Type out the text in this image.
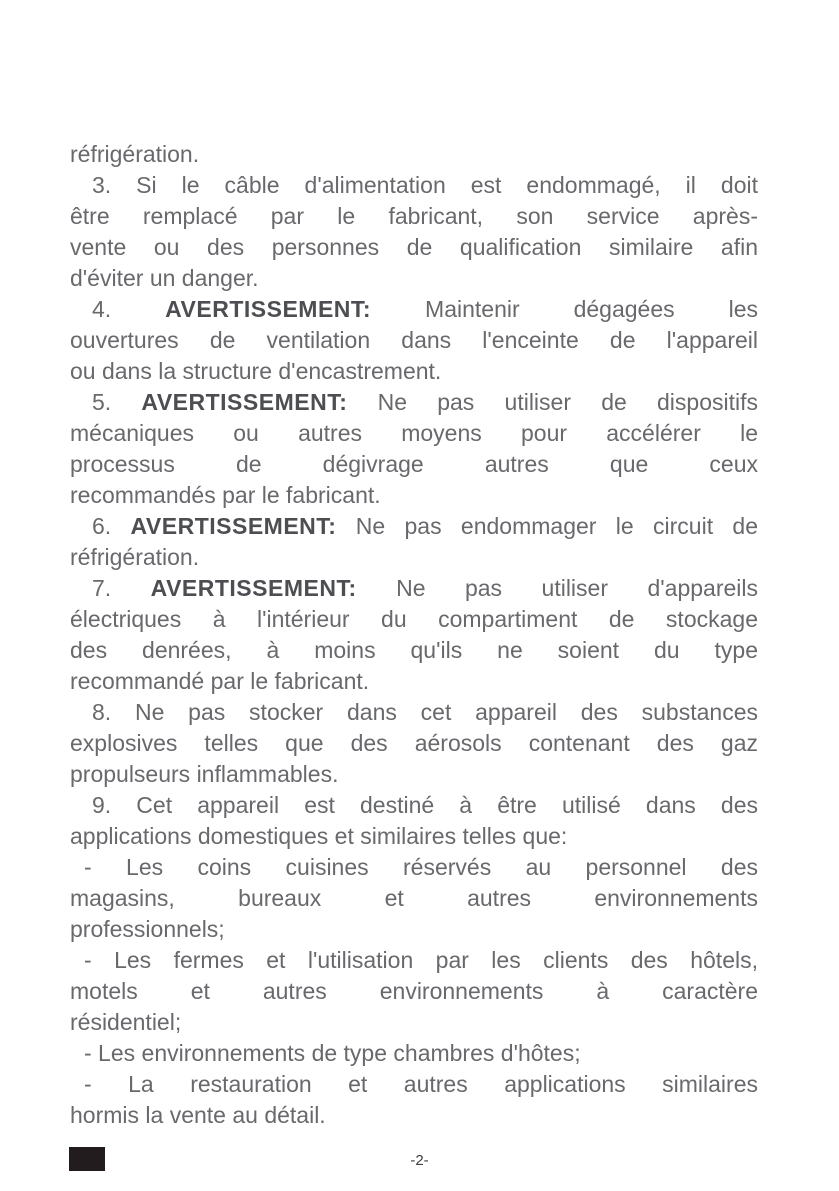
réfrigération.
3. Si le câble d'alimentation est endommagé, il doit
être remplacé par le fabricant, son service après-
vente ou des personnes de qualification similaire afin
d'éviter un danger.
4. AVERTISSEMENT: Maintenir dégagées les
ouvertures de ventilation dans l'enceinte de l'appareil
ou dans la structure d'encastrement.
5. AVERTISSEMENT: Ne pas utiliser de dispositifs
mécaniques ou autres moyens pour accélérer le
processus de dégivrage autres que ceux
recommandés par le fabricant.
6. AVERTISSEMENT: Ne pas endommager le circuit de
réfrigération.
7. AVERTISSEMENT: Ne pas utiliser d'appareils
électriques à l'intérieur du compartiment de stockage
des denrées, à moins qu'ils ne soient du type
recommandé par le fabricant.
8. Ne pas stocker dans cet appareil des substances
explosives telles que des aérosols contenant des gaz
propulseurs inflammables.
9. Cet appareil est destiné à être utilisé dans des
applications domestiques et similaires telles que:
- Les coins cuisines réservés au personnel des
magasins, bureaux et autres environnements
professionnels;
- Les fermes et l'utilisation par les clients des hôtels,
motels et autres environnements à caractère
résidentiel;
- Les environnements de type chambres d'hôtes;
- La restauration et autres applications similaires
hormis la vente au détail.
-2-
